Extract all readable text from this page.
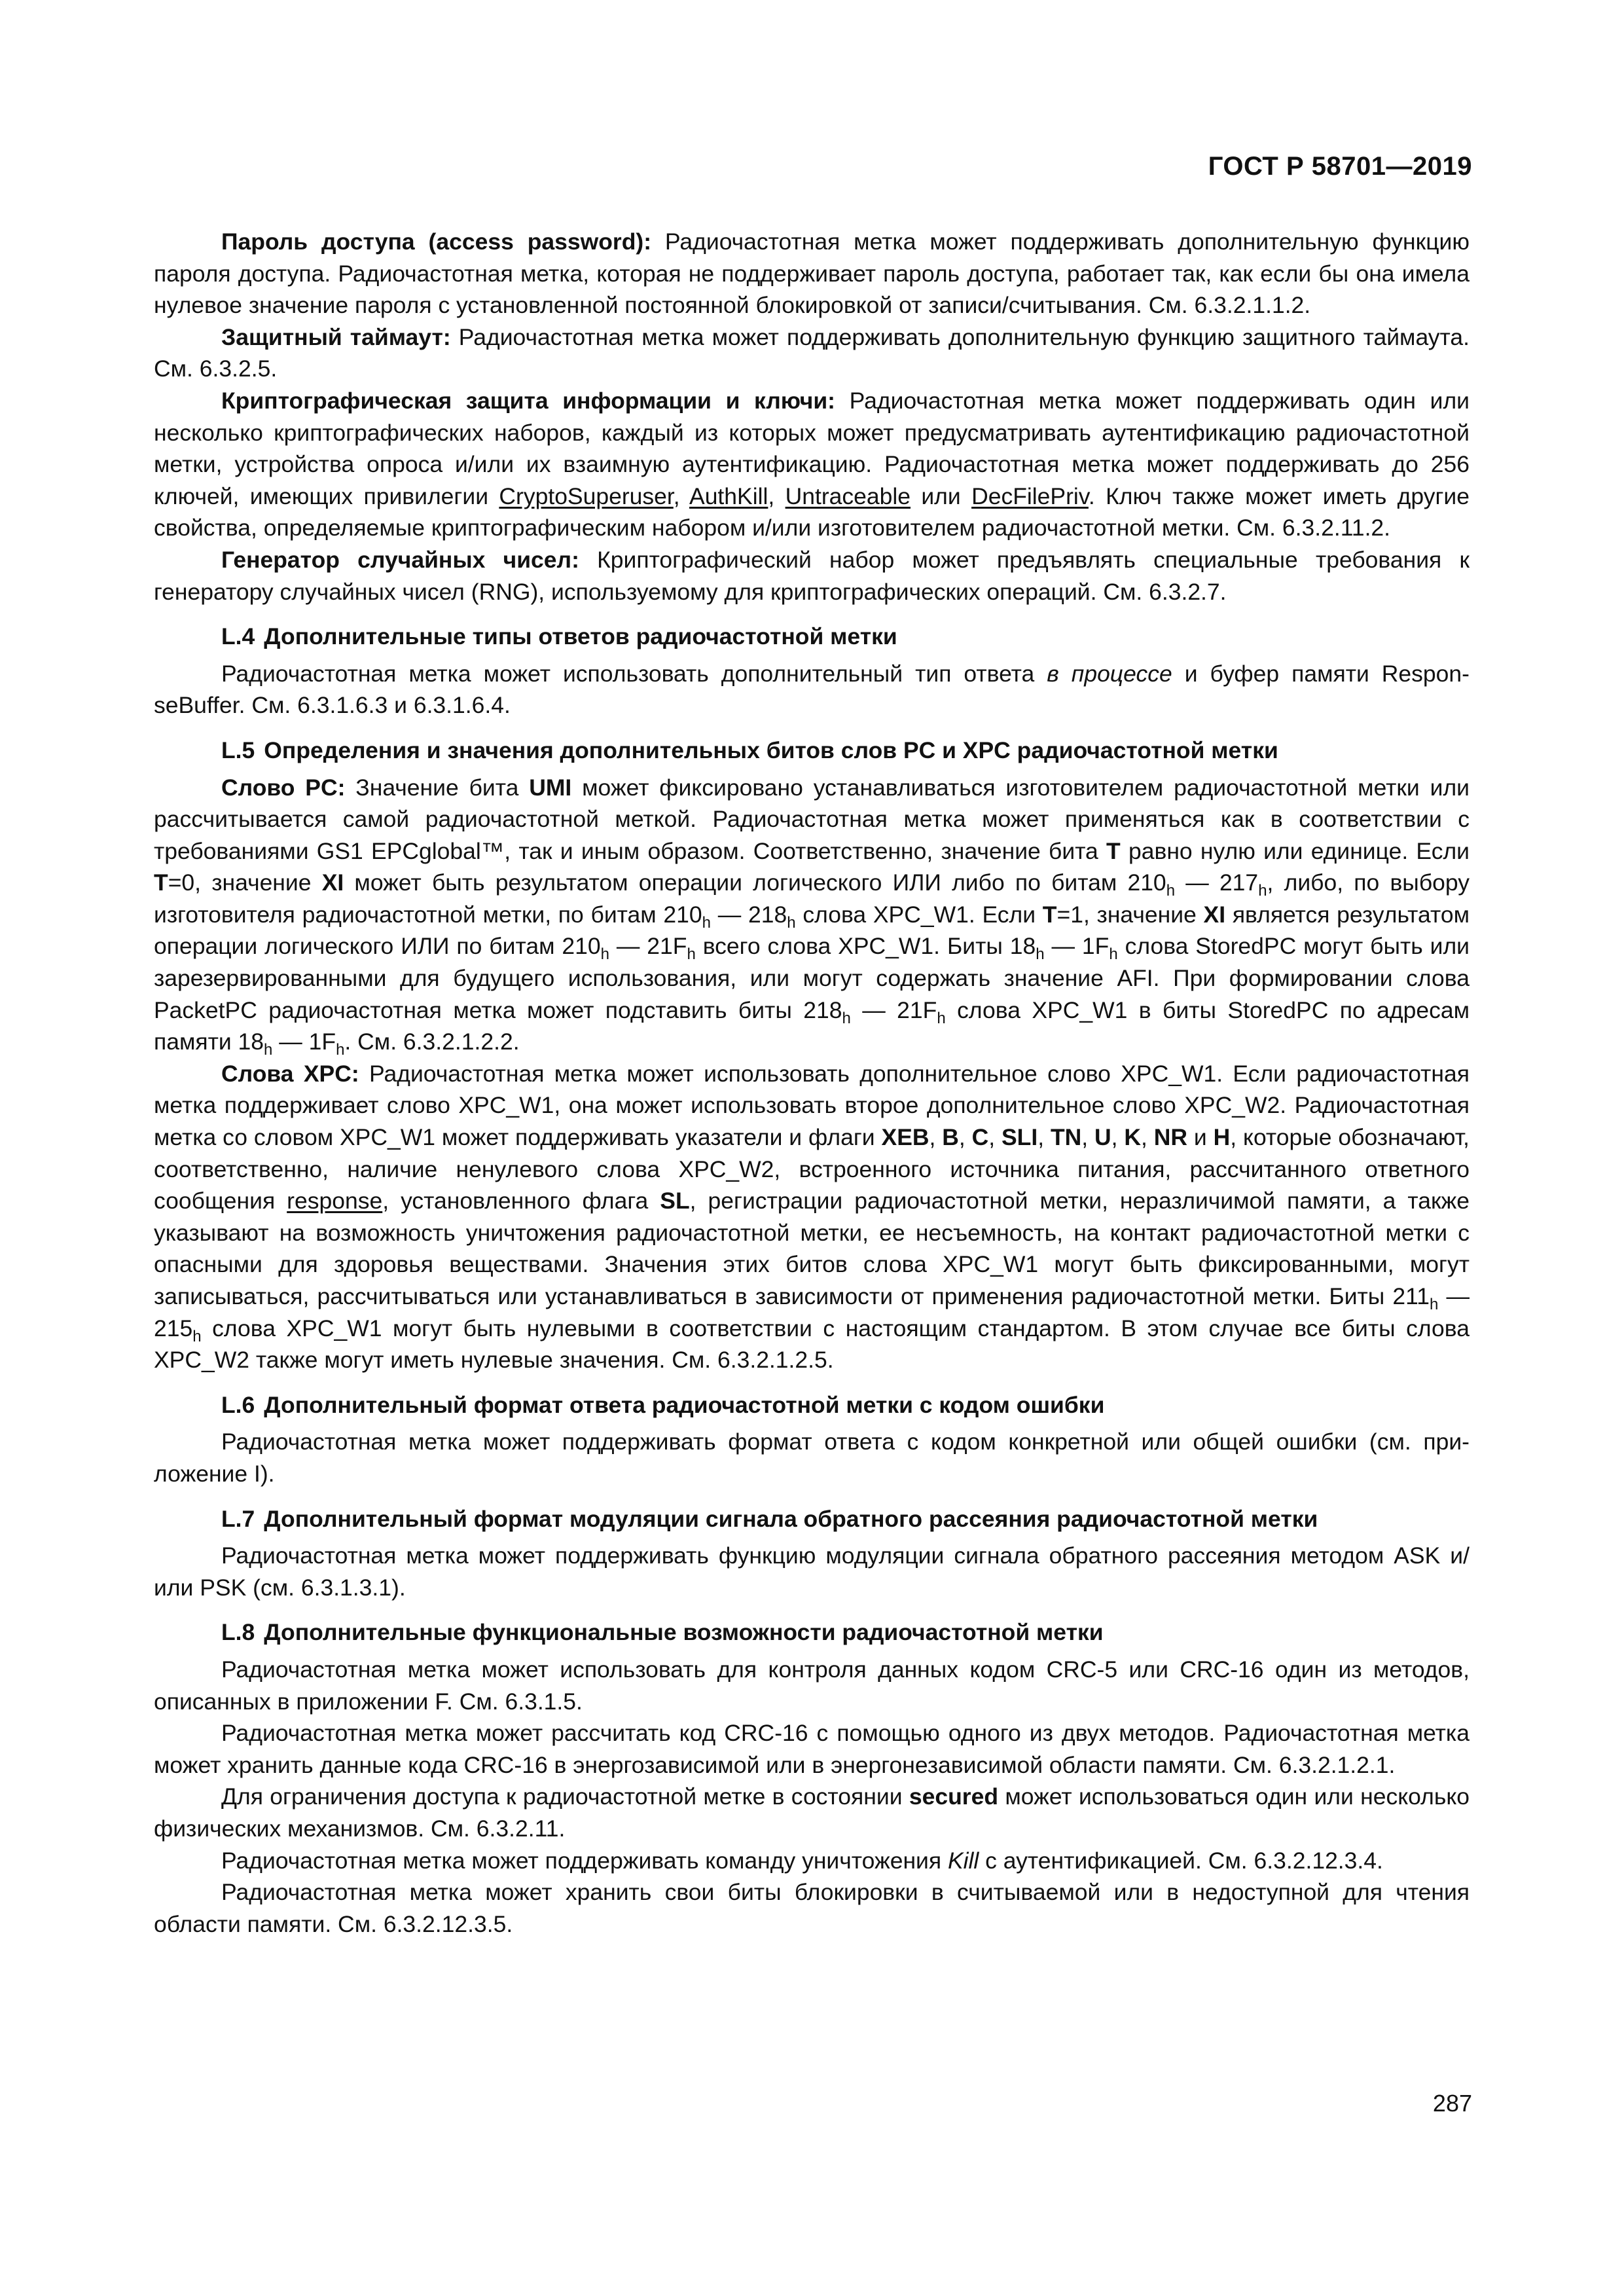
ГОСТ Р 58701—2019

Пароль доступа (access password): Радиочастотная метка может поддерживать дополнительную функцию пароля доступа. Радиочастотная метка, которая не поддерживает пароль доступа, работает так, как если бы она имела нулевое значение пароля с установленной постоянной блокировкой от записи/считывания. См. 6.3.2.1.1.2.

Защитный таймаут: Радиочастотная метка может поддерживать дополнительную функцию защитного таймаута. См. 6.3.2.5.

Криптографическая защита информации и ключи: Радиочастотная метка может поддерживать один или несколько криптографических наборов, каждый из которых может предусматривать аутентификацию радиочастотной метки, устройства опроса и/или их взаимную аутентификацию. Радиочастотная метка может поддерживать до 256 ключей, имеющих привилегии CryptoSuperuser, AuthKill, Untraceable или DecFilePriv. Ключ также может иметь другие свойства, определяемые криптографическим набором и/или изготовителем радиочастотной метки. См. 6.3.2.11.2.

Генератор случайных чисел: Криптографический набор может предъявлять специальные требования к генератору случайных чисел (RNG), используемому для криптографических операций. См. 6.3.2.7.

L.4 Дополнительные типы ответов радиочастотной метки

Радиочастотная метка может использовать дополнительный тип ответа в процессе и буфер памяти ResponseBuffer. См. 6.3.1.6.3 и 6.3.1.6.4.

L.5 Определения и значения дополнительных битов слов PC и XPC радиочастотной метки

Слово PC: Значение бита UMI может фиксировано устанавливаться изготовителем радиочастотной метки или рассчитывается самой радиочастотной меткой. Радиочастотная метка может применяться как в соответствии с требованиями GS1 EPCglobal™, так и иным образом. Соответственно, значение бита T равно нулю или единице. Если T=0, значение XI может быть результатом операции логического ИЛИ либо по битам $210_h$ — $217_h$, либо, по выбору изготовителя радиочастотной метки, по битам $210_h$ — $218_h$ слова XPC_W1. Если T=1, значение XI является результатом операции логического ИЛИ по битам $210_h$ — $21F_h$ всего слова XPC_W1. Биты $18_h$ — $1F_h$ слова StoredPC могут быть или зарезервированными для будущего использования, или могут содержать значение AFI. При формировании слова PacketPC радиочастотная метка может подставить биты $218_h$ — $21F_h$ слова XPC_W1 в биты StoredPC по адресам памяти $18_h$ — $1F_h$. См. 6.3.2.1.2.2.

Слова XPC: Радиочастотная метка может использовать дополнительное слово XPC_W1. Если радиочастотная метка поддерживает слово XPC_W1, она может использовать второе дополнительное слово XPC_W2. Радиочастотная метка со словом XPC_W1 может поддерживать указатели и флаги XEB, B, C, SLI, TN, U, K, NR и H, которые обозначают, соответственно, наличие ненулевого слова XPC_W2, встроенного источника питания, рассчитанного ответного сообщения response, установленного флага SL, регистрации радиочастотной метки, неразличимой памяти, а также указывают на возможность уничтожения радиочастотной метки, ее несъемность, на контакт радиочастотной метки с опасными для здоровья веществами. Значения этих битов слова XPC_W1 могут быть фиксированными, могут записываться, рассчитываться или устанавливаться в зависимости от применения радиочастотной метки. Биты $211_h$ — $215_h$ слова XPC_W1 могут быть нулевыми в соответствии с настоящим стандартом. В этом случае все биты слова XPC_W2 также могут иметь нулевые значения. См. 6.3.2.1.2.5.

L.6 Дополнительный формат ответа радиочастотной метки с кодом ошибки

Радиочастотная метка может поддерживать формат ответа с кодом конкретной или общей ошибки (см. приложение I).

L.7 Дополнительный формат модуляции сигнала обратного рассеяния радиочастотной метки

Радиочастотная метка может поддерживать функцию модуляции сигнала обратного рассеяния методом ASK и/или PSK (см. 6.3.1.3.1).

L.8 Дополнительные функциональные возможности радиочастотной метки

Радиочастотная метка может использовать для контроля данных кодом CRC-5 или CRC-16 один из методов, описанных в приложении F. См. 6.3.1.5.

Радиочастотная метка может рассчитать код CRC-16 с помощью одного из двух методов. Радиочастотная метка может хранить данные кода CRC-16 в энергозависимой или в энергонезависимой области памяти. См. 6.3.2.1.2.1.

Для ограничения доступа к радиочастотной метке в состоянии secured может использоваться один или несколько физических механизмов. См. 6.3.2.11.

Радиочастотная метка может поддерживать команду уничтожения Kill с аутентификацией. См. 6.3.2.12.3.4.

Радиочастотная метка может хранить свои биты блокировки в считываемой или в недоступной для чтения области памяти. См. 6.3.2.12.3.5.

287
